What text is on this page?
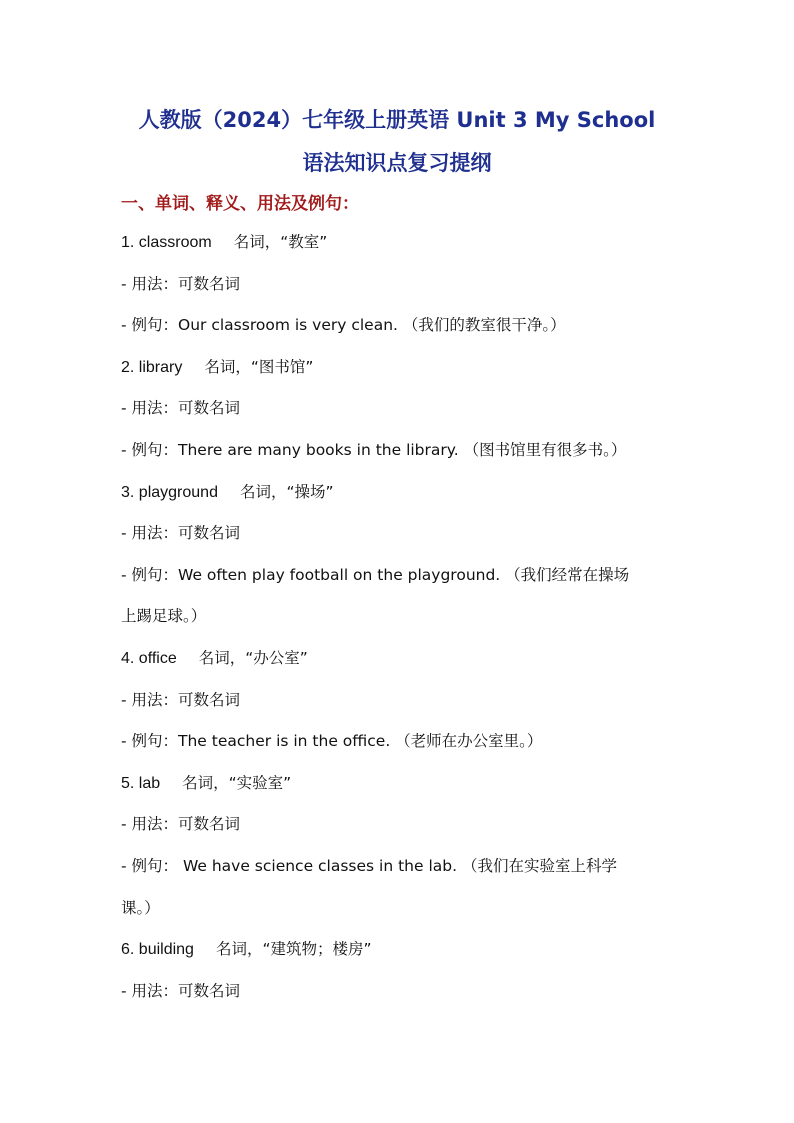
人教版（2024）七年级上册英语 Unit 3 My School
语法知识点复习提纲
一、单词、释义、用法及例句：
1. classroom 名词，“教室”
- 用法：可数名词
- 例句：Our classroom is very clean. （我们的教室很干净。）
2. library 名词，“图书馆”
- 用法：可数名词
- 例句：There are many books in the library. （图书馆里有很多书。）
3. playground 名词，“操场”
- 用法：可数名词
- 例句：We often play football on the playground. （我们经常在操场
上踢足球。）
4. office 名词，“办公室”
- 用法：可数名词
- 例句：The teacher is in the office. （老师在办公室里。）
5. lab 名词，“实验室”
- 用法：可数名词
- 例句： We have science classes in the lab. （我们在实验室上科学
课。）
6. building 名词，“建筑物；楼房”
- 用法：可数名词
